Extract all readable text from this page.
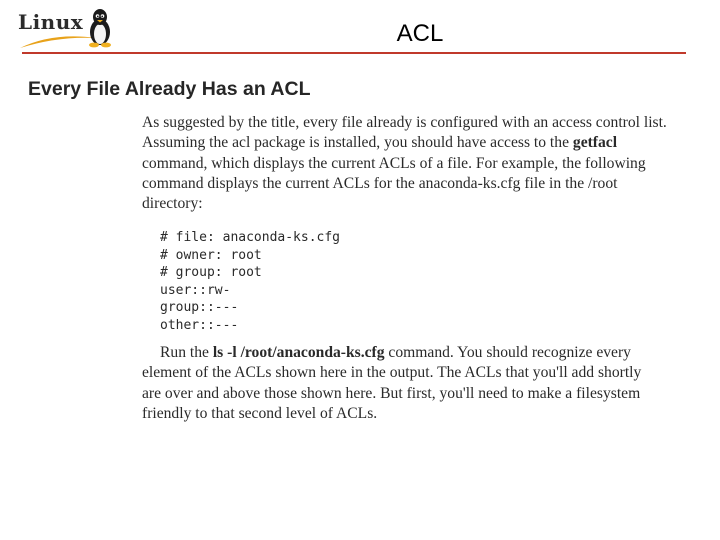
Linux	ACL
Every File Already Has an ACL
As suggested by the title, every file already is configured with an access control list.
Assuming the acl package is installed, you should have access to the getfacl
command, which displays the current ACLs of a file. For example, the following
command displays the current ACLs for the anaconda-ks.cfg file in the /root
directory:
# file: anaconda-ks.cfg
# owner: root
# group: root
user::rw-
group::---
other::---
Run the ls -l /root/anaconda-ks.cfg command. You should recognize every
element of the ACLs shown here in the output. The ACLs that you'll add shortly
are over and above those shown here. But first, you'll need to make a filesystem
friendly to that second level of ACLs.
